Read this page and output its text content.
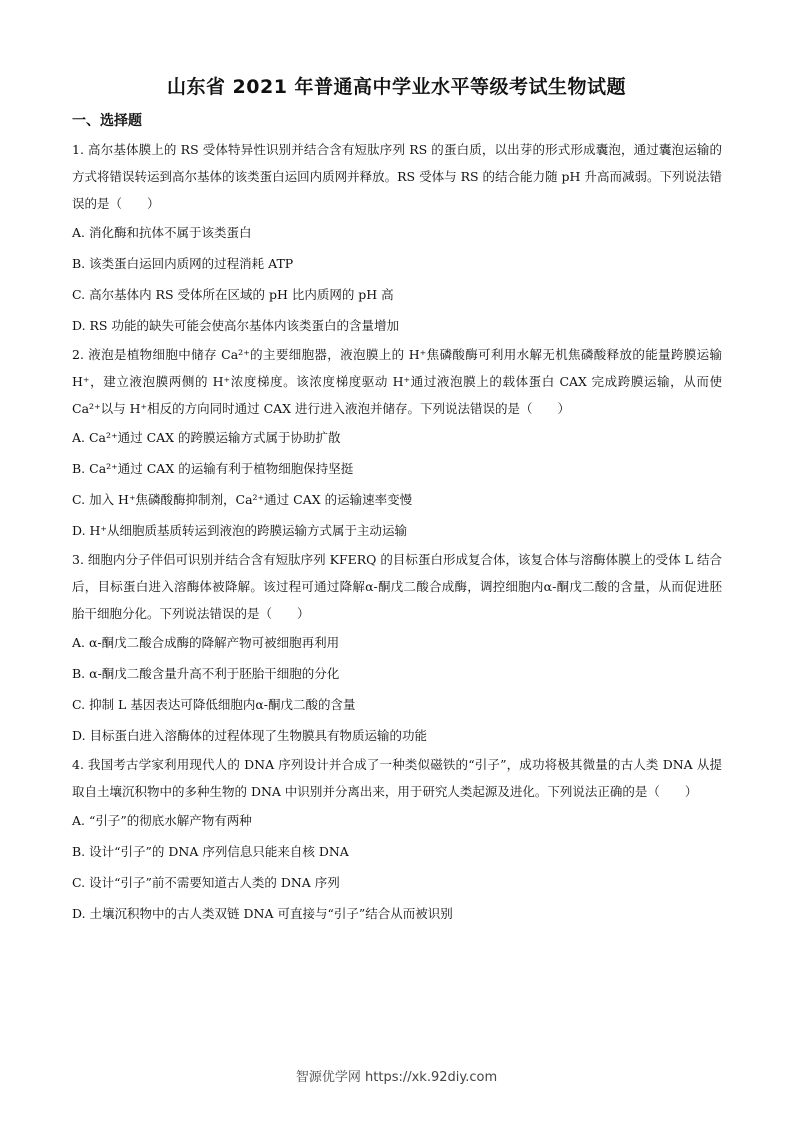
山东省 2021 年普通高中学业水平等级考试生物试题
一、选择题

1. 高尔基体膜上的 RS 受体特异性识别并结合含有短肽序列 RS 的蛋白质，以出芽的形式形成囊泡，通过囊泡运输的方式将错误转运到高尔基体的该类蛋白运回内质网并释放。RS 受体与 RS 的结合能力随 pH 升高而减弱。下列说法错误的是（　　）

A. 消化酶和抗体不属于该类蛋白

B. 该类蛋白运回内质网的过程消耗 ATP

C. 高尔基体内 RS 受体所在区域的 pH 比内质网的 pH 高

D. RS 功能的缺失可能会使高尔基体内该类蛋白的含量增加

2. 液泡是植物细胞中储存 Ca²⁺的主要细胞器，液泡膜上的 H⁺焦磷酸酶可利用水解无机焦磷酸释放的能量跨膜运输 H⁺，建立液泡膜两侧的 H⁺浓度梯度。该浓度梯度驱动 H⁺通过液泡膜上的载体蛋白 CAX 完成跨膜运输，从而使 Ca²⁺以与 H⁺相反的方向同时通过 CAX 进行进入液泡并储存。下列说法错误的是（　　）

A. Ca²⁺通过 CAX 的跨膜运输方式属于协助扩散

B. Ca²⁺通过 CAX 的运输有利于植物细胞保持坚挺

C. 加入 H⁺焦磷酸酶抑制剂，Ca²⁺通过 CAX 的运输速率变慢

D. H⁺从细胞质基质转运到液泡的跨膜运输方式属于主动运输

3. 细胞内分子伴侣可识别并结合含有短肽序列 KFERQ 的目标蛋白形成复合体，该复合体与溶酶体膜上的受体 L 结合后，目标蛋白进入溶酶体被降解。该过程可通过降解α-酮戊二酸合成酶，调控细胞内α-酮戊二酸的含量，从而促进胚胎干细胞分化。下列说法错误的是（　　）

A. α-酮戊二酸合成酶的降解产物可被细胞再利用

B. α-酮戊二酸含量升高不利于胚胎干细胞的分化

C. 抑制 L 基因表达可降低细胞内α-酮戊二酸的含量

D. 目标蛋白进入溶酶体的过程体现了生物膜具有物质运输的功能

4. 我国考古学家利用现代人的 DNA 序列设计并合成了一种类似磁铁的“引子”，成功将极其微量的古人类 DNA 从提取自土壤沉积物中的多种生物的 DNA 中识别并分离出来，用于研究人类起源及进化。下列说法正确的是（　　）

A. “引子”的彻底水解产物有两种

B. 设计“引子”的 DNA 序列信息只能来自核 DNA

C. 设计“引子”前不需要知道古人类的 DNA 序列

D. 土壤沉积物中的古人类双链 DNA 可直接与“引子”结合从而被识别

智源优学网 https://xk.92diy.com
